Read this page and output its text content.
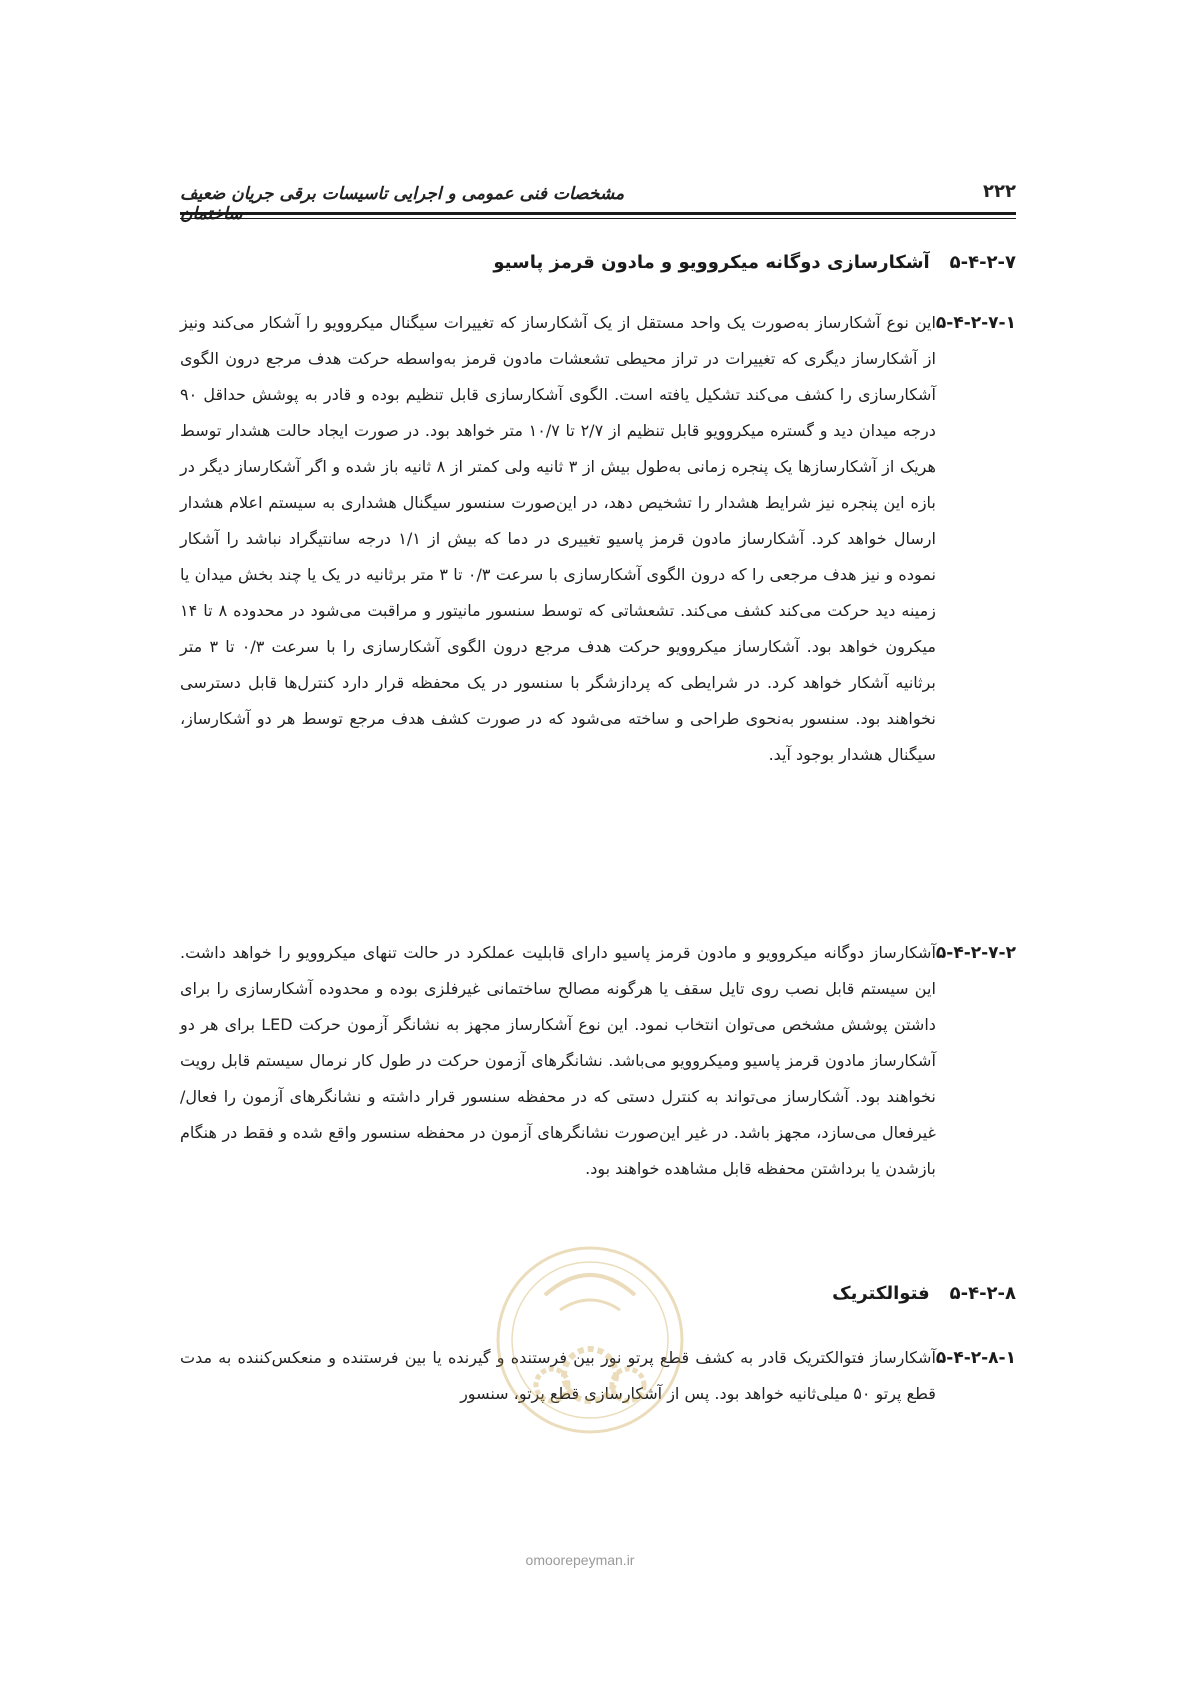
مشخصات فنی عمومی و اجرایی تاسیسات برقی جریان ضعیف	۲۲۲
۵-۴-۲-۷ آشکارسازی دوگانه میکروویو و مادون قرمز پاسیو
۵-۴-۲-۷-۱
این نوع آشکارساز به‌صورت یک واحد مستقل از یک آشکارساز که تغییرات سیگنال میکروویو را آشکار می‌کند ونیز از آشکارساز دیگری که تغییرات در تراز محیطی تشعشات مادون قرمز به‌واسطه حرکت هدف مرجع درون الگوی آشکارسازی را کشف می‌کند تشکیل یافته است. الگوی آشکارسازی قابل تنظیم بوده و قادر به پوشش حداقل ۹۰ درجه میدان دید و گستره میکروویو قابل تنظیم از ۲/۷ تا ۱۰/۷ متر خواهد بود. در صورت ایجاد حالت هشدار توسط هریک از آشکارسازها یک پنجره زمانی به‌طول بیش از ۳ ثانیه ولی کمتر از ۸ ثانیه باز شده و اگر آشکارساز دیگر در بازه این پنجره نیز شرایط هشدار را تشخیص دهد، در این‌صورت سنسور سیگنال هشداری به سیستم اعلام هشدار ارسال خواهد کرد. آشکارساز مادون قرمز پاسیو تغییری در دما که بیش از ۱/۱ درجه سانتیگراد نباشد را آشکار نموده و نیز هدف مرجعی را که درون الگوی آشکارسازی با سرعت ۰/۳ تا ۳ متر برثانیه در یک یا چند بخش میدان یا زمینه دید حرکت می‌کند کشف می‌کند. تشعشاتی که توسط سنسور مانیتور و مراقبت می‌شود در محدوده ۸ تا ۱۴ میکرون خواهد بود. آشکارساز میکروویو حرکت هدف مرجع درون الگوی آشکارسازی را با سرعت ۰/۳ تا ۳ متر برثانیه آشکار خواهد کرد. در شرایطی که پردازشگر با سنسور در یک محفظه قرار دارد کنترل‌ها قابل دسترسی نخواهند بود. سنسور به‌نحوی طراحی و ساخته می‌شود که در صورت کشف هدف مرجع توسط هر دو آشکارساز، سیگنال هشدار بوجود آید.
۵-۴-۲-۷-۲
آشکارساز دوگانه میکروویو و مادون قرمز پاسیو دارای قابلیت عملکرد در حالت تنهای میکروویو را خواهد داشت. این سیستم قابل نصب روی تایل سقف یا هرگونه مصالح ساختمانی غیرفلزی بوده و محدوده آشکارسازی را برای داشتن پوشش مشخص می‌توان انتخاب نمود. این نوع آشکارساز مجهز به نشانگر آزمون حرکت LED برای هر دو آشکارساز مادون قرمز پاسیو ومیکروویو می‌باشد. نشانگرهای آزمون حرکت در طول کار نرمال سیستم قابل رویت نخواهند بود. آشکارساز می‌تواند به کنترل دستی که در محفظه سنسور قرار داشته و نشانگرهای آزمون را فعال/ غیرفعال می‌سازد، مجهز باشد. در غیر این‌صورت نشانگرهای آزمون در محفظه سنسور واقع شده و فقط در هنگام بازشدن یا برداشتن محفظه قابل مشاهده خواهند بود.
۵-۴-۲-۸ فتوالکتریک
۵-۴-۲-۸-۱
آشکارساز فتوالکتریک قادر به کشف قطع پرتو نور بین فرستنده و گیرنده یا بین فرستنده و منعکس‌کننده به مدت قطع پرتو ۵۰ میلی‌ثانیه خواهد بود. پس از آشکارسازی قطع پرتو، سنسور
omoorepeyman.ir
